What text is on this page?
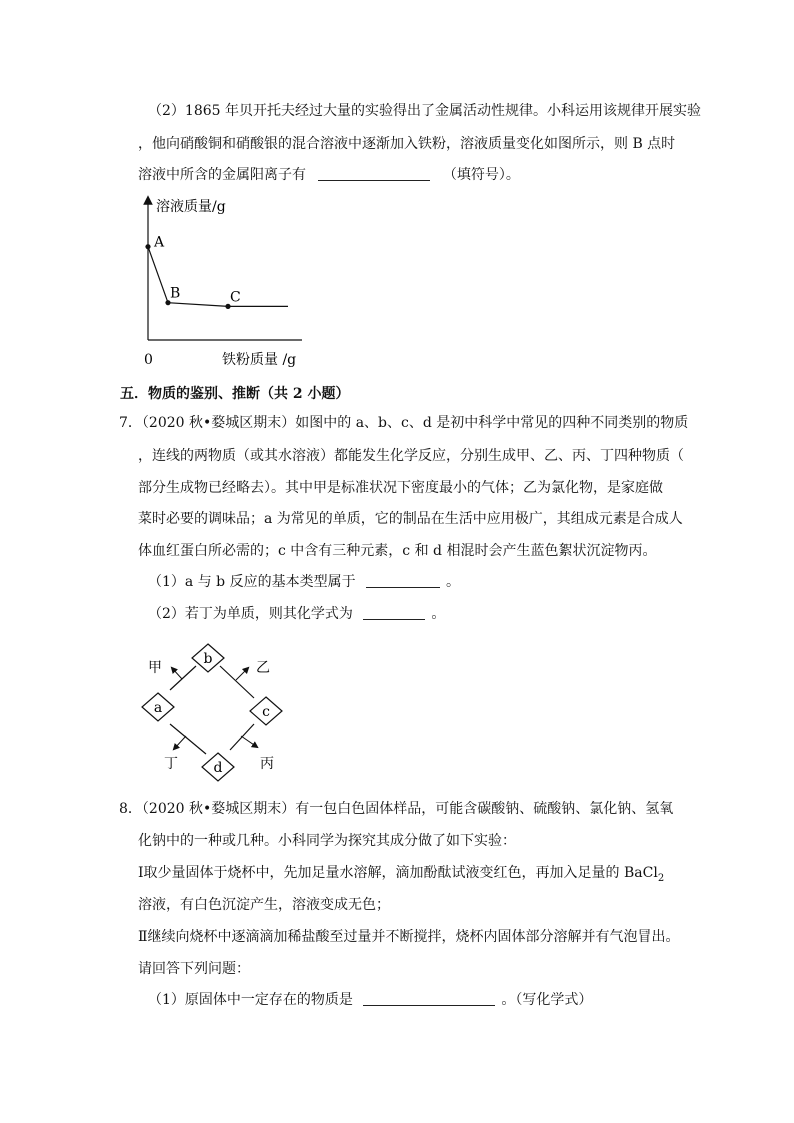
（2）1865 年贝开托夫经过大量的实验得出了金属活动性规律。小科运用该规律开展实验
，他向硝酸铜和硝酸银的混合溶液中逐渐加入铁粉，溶液质量变化如图所示，则 B 点时
溶液中所含的金属阳离子有	（填符号）。
溶液质量/g
0	铁粉质量 /g
A
B	C
五．物质的鉴别、推断（共 2 小题）
7．（2020 秋•婺城区期末）如图中的 a、b、c、d 是初中科学中常见的四种不同类别的物质
，连线的两物质（或其水溶液）都能发生化学反应，分别生成甲、乙、丙、丁四种物质（
部分生成物已经略去）。其中甲是标准状况下密度最小的气体；乙为氯化物，是家庭做
菜时必要的调味品；a 为常见的单质，它的制品在生活中应用极广，其组成元素是合成人
体血红蛋白所必需的；c 中含有三种元素，c 和 d 相混时会产生蓝色絮状沉淀物丙。
（1）a 与 b 反应的基本类型属于	。
（2）若丁为单质，则其化学式为	。
b
a	c
d
甲	乙
丁	丙
8．（2020 秋•婺城区期末）有一包白色固体样品，可能含碳酸钠、硫酸钠、氯化钠、氢氧
化钠中的一种或几种。小科同学为探究其成分做了如下实验：
Ⅰ取少量固体于烧杯中，先加足量水溶解，滴加酚酞试液变红色，再加入足量的 BaCl$_2$
溶液，有白色沉淀产生，溶液变成无色；
Ⅱ继续向烧杯中逐滴滴加稀盐酸至过量并不断搅拌，烧杯内固体部分溶解并有气泡冒出。
请回答下列问题：
（1）原固体中一定存在的物质是	。（写化学式）
